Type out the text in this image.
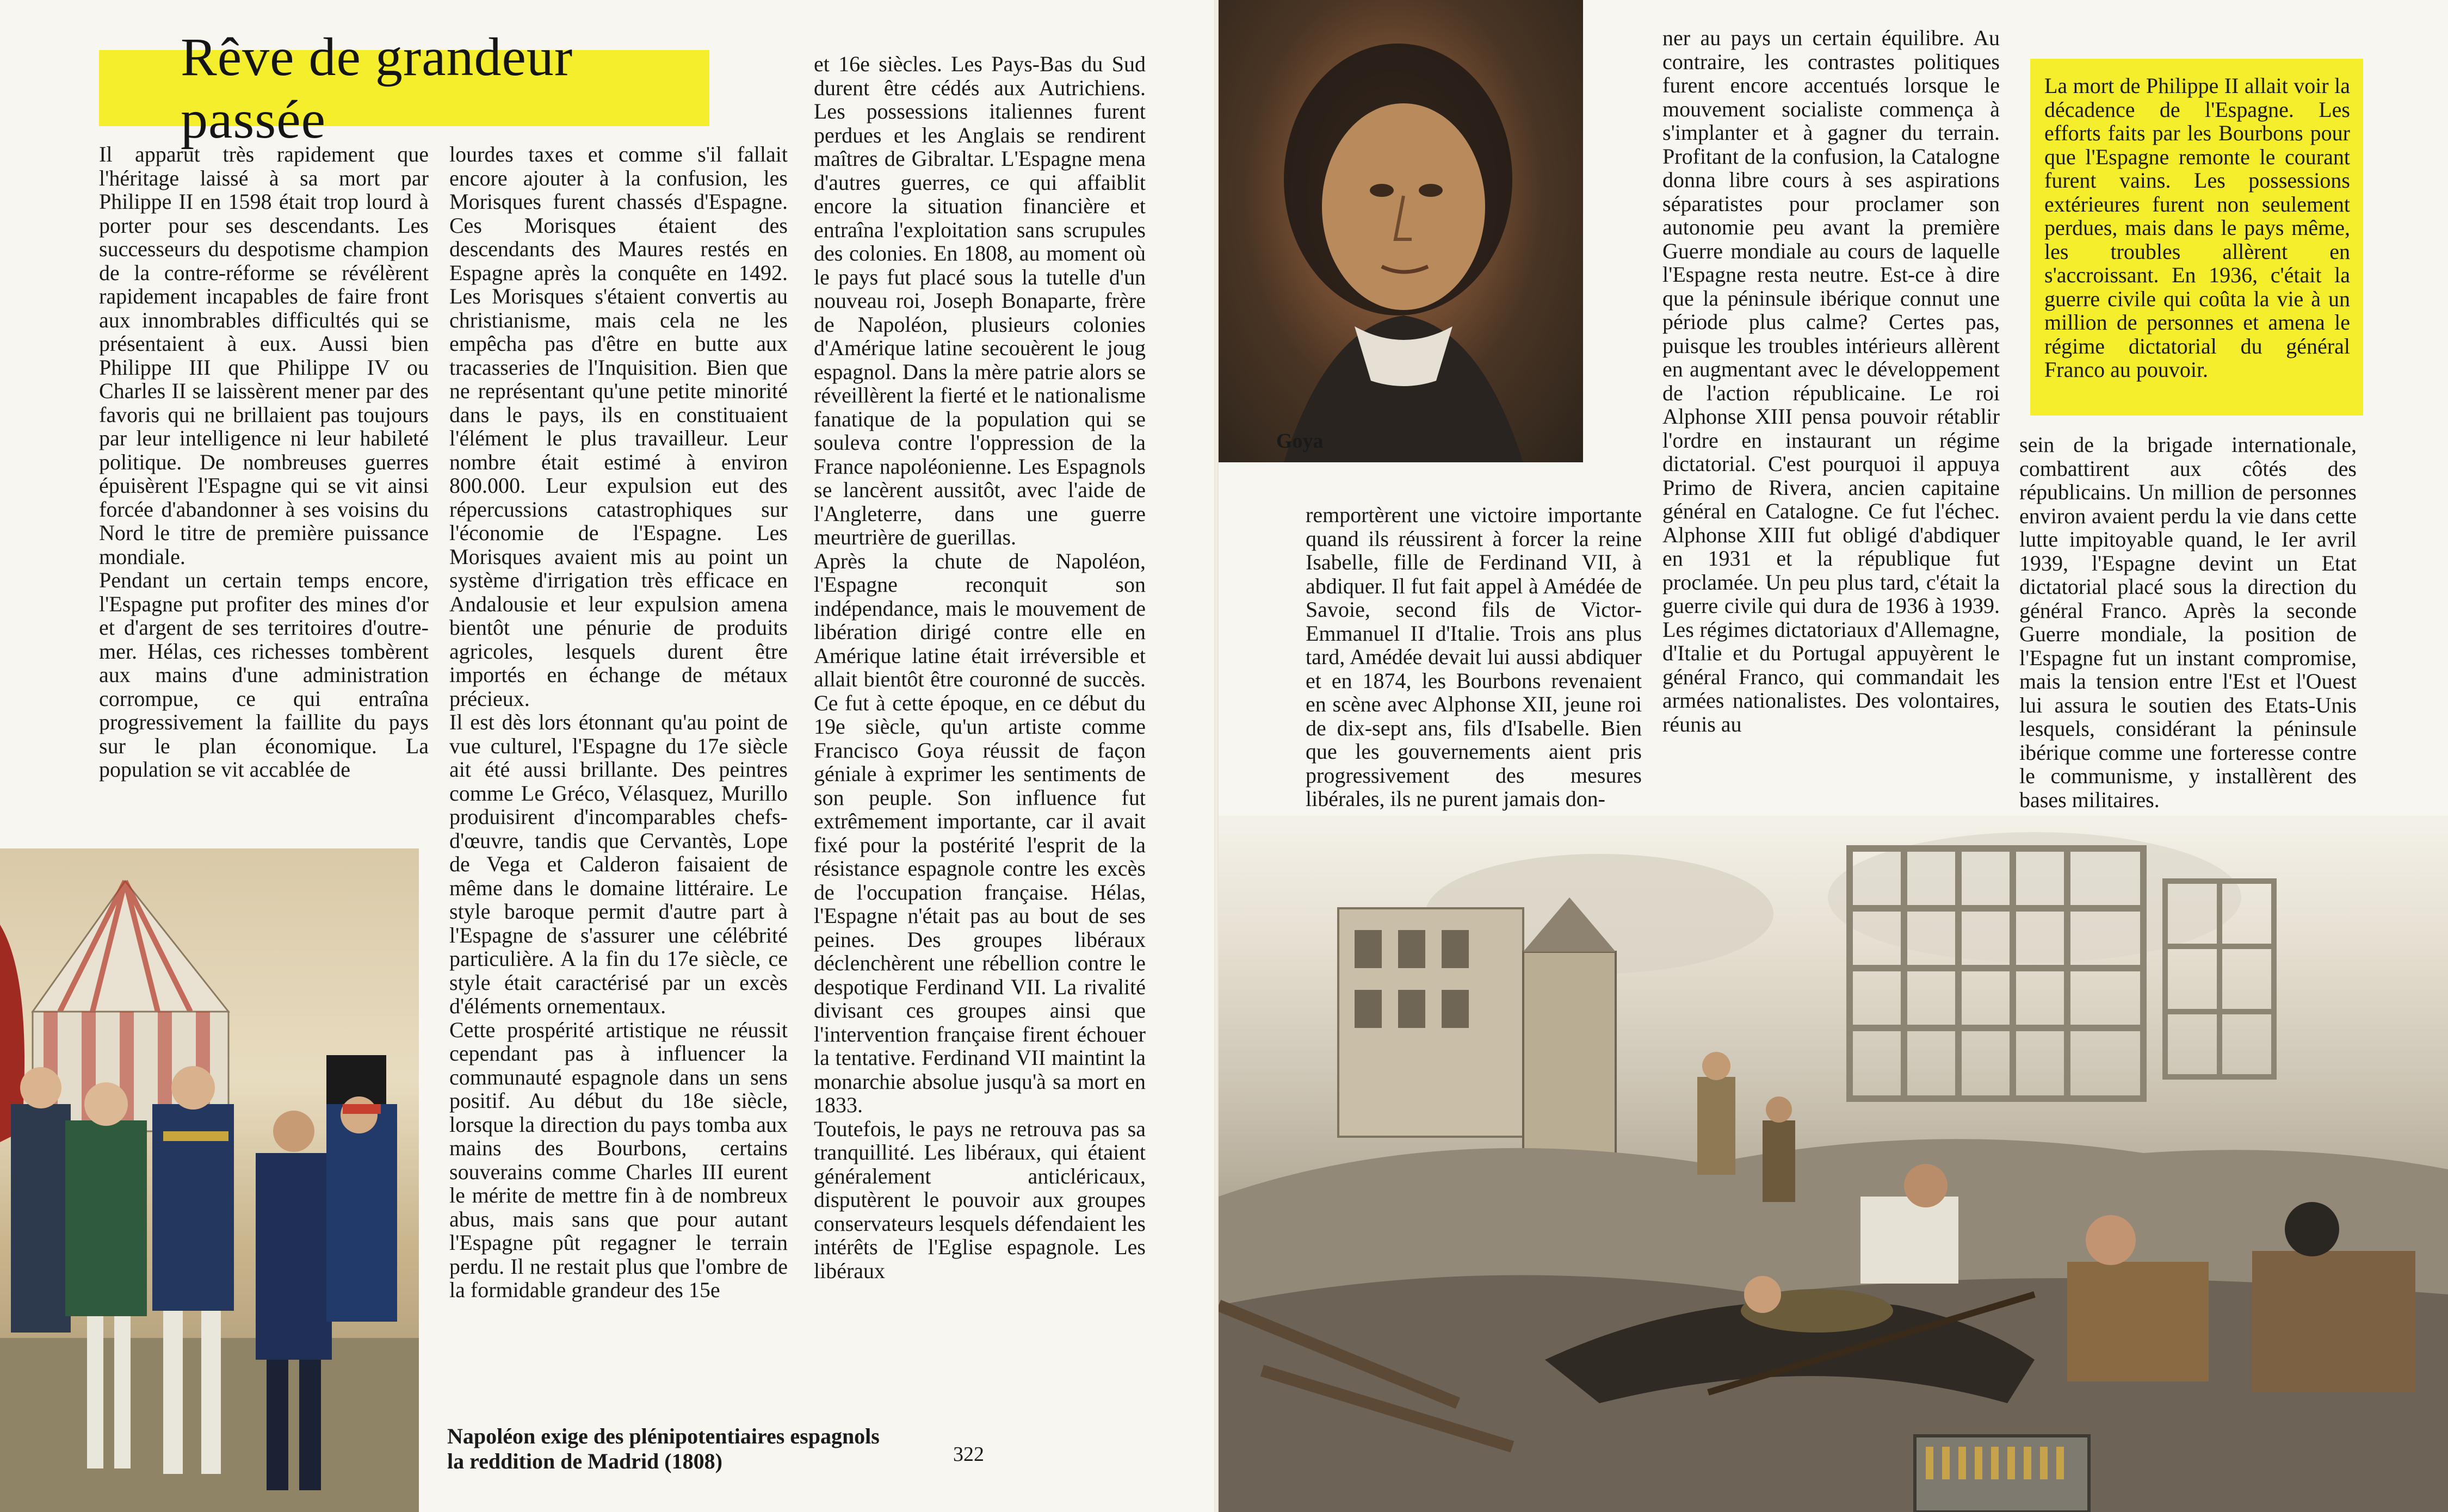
Rêve de grandeur passée

Il apparut très rapidement que l'héritage laissé à sa mort par Philippe II en 1598 était trop lourd à porter pour ses descendants. Les successeurs du despotisme champion de la contre-réforme se révélèrent rapidement incapables de faire front aux innombrables difficultés qui se présentaient à eux. Aussi bien Philippe III que Philippe IV ou Charles II se laissèrent mener par des favoris qui ne brillaient pas toujours par leur intelligence ni leur habileté politique. De nombreuses guerres épuisèrent l'Espagne qui se vit ainsi forcée d'abandonner à ses voisins du Nord le titre de première puissance mondiale.

Pendant un certain temps encore, l'Espagne put profiter des mines d'or et d'argent de ses territoires d'outre-mer. Hélas, ces richesses tombèrent aux mains d'une administration corrompue, ce qui entraîna progressivement la faillite du pays sur le plan économique. La population se vit accablée de

lourdes taxes et comme s'il fallait encore ajouter à la confusion, les Morisques furent chassés d'Espagne. Ces Morisques étaient des descendants des Maures restés en Espagne après la conquête en 1492. Les Morisques s'étaient convertis au christianisme, mais cela ne les empêcha pas d'être en butte aux tracasseries de l'Inquisition. Bien que ne représentant qu'une petite minorité dans le pays, ils en constituaient l'élément le plus travailleur. Leur nombre était estimé à environ 800.000. Leur expulsion eut des répercussions catastrophiques sur l'économie de l'Espagne. Les Morisques avaient mis au point un système d'irrigation très efficace en Andalousie et leur expulsion amena bientôt une pénurie de produits agricoles, lesquels durent être importés en échange de métaux précieux.

Il est dès lors étonnant qu'au point de vue culturel, l'Espagne du 17e siècle ait été aussi brillante. Des peintres comme Le Gréco, Vélasquez, Murillo produisirent d'incomparables chefs-d'œuvre, tandis que Cervantès, Lope de Vega et Calderon faisaient de même dans le domaine littéraire. Le style baroque permit d'autre part à l'Espagne de s'assurer une célébrité particulière. A la fin du 17e siècle, ce style était caractérisé par un excès d'éléments ornementaux.

Cette prospérité artistique ne réussit cependant pas à influencer la communauté espagnole dans un sens positif. Au début du 18e siècle, lorsque la direction du pays tomba aux mains des Bourbons, certains souverains comme Charles III eurent le mérite de mettre fin à de nombreux abus, mais sans que pour autant l'Espagne pût regagner le terrain perdu. Il ne restait plus que l'ombre de la formidable grandeur des 15e

et 16e siècles. Les Pays-Bas du Sud durent être cédés aux Autrichiens. Les possessions italiennes furent perdues et les Anglais se rendirent maîtres de Gibraltar. L'Espagne mena d'autres guerres, ce qui affaiblit encore la situation financière et entraîna l'exploitation sans scrupules des colonies. En 1808, au moment où le pays fut placé sous la tutelle d'un nouveau roi, Joseph Bonaparte, frère de Napoléon, plusieurs colonies d'Amérique latine secouèrent le joug espagnol. Dans la mère patrie alors se réveillèrent la fierté et le nationalisme fanatique de la population qui se souleva contre l'oppression de la France napoléonienne. Les Espagnols se lancèrent aussitôt, avec l'aide de l'Angleterre, dans une guerre meurtrière de guerillas.

Après la chute de Napoléon, l'Espagne reconquit son indépendance, mais le mouvement de libération dirigé contre elle en Amérique latine était irréversible et allait bientôt être couronné de succès. Ce fut à cette époque, en ce début du 19e siècle, qu'un artiste comme Francisco Goya réussit de façon géniale à exprimer les sentiments de son peuple. Son influence fut extrêmement importante, car il avait fixé pour la postérité l'esprit de la résistance espagnole contre les excès de l'occupation française. Hélas, l'Espagne n'était pas au bout de ses peines. Des groupes libéraux déclenchèrent une rébellion contre le despotique Ferdinand VII. La rivalité divisant ces groupes ainsi que l'intervention française firent échouer la tentative. Ferdinand VII maintint la monarchie absolue jusqu'à sa mort en 1833.

Toutefois, le pays ne retrouva pas sa tranquillité. Les libéraux, qui étaient généralement anticléricaux, disputèrent le pouvoir aux groupes conservateurs lesquels défendaient les intérêts de l'Eglise espagnole. Les libéraux

Napoléon exige des plénipotentiaires espagnols la reddition de Madrid (1808)	322
Goya

remportèrent une victoire importante quand ils réussirent à forcer la reine Isabelle, fille de Ferdinand VII, à abdiquer. Il fut fait appel à Amédée de Savoie, second fils de Victor-Emmanuel II d'Italie. Trois ans plus tard, Amédée devait lui aussi abdiquer et en 1874, les Bourbons revenaient en scène avec Alphonse XII, jeune roi de dix-sept ans, fils d'Isabelle. Bien que les gouvernements aient pris progressivement des mesures libérales, ils ne purent jamais don-

ner au pays un certain équilibre. Au contraire, les contrastes politiques furent encore accentués lorsque le mouvement socialiste commença à s'implanter et à gagner du terrain. Profitant de la confusion, la Catalogne donna libre cours à ses aspirations séparatistes pour proclamer son autonomie peu avant la première Guerre mondiale au cours de laquelle l'Espagne resta neutre. Est-ce à dire que la péninsule ibérique connut une période plus calme? Certes pas, puisque les troubles intérieurs allèrent en augmentant avec le développement de l'action républicaine. Le roi Alphonse XIII pensa pouvoir rétablir l'ordre en instaurant un régime dictatorial. C'est pourquoi il appuya Primo de Rivera, ancien capitaine général en Catalogne. Ce fut l'échec. Alphonse XIII fut obligé d'abdiquer en 1931 et la république fut proclamée. Un peu plus tard, c'était la guerre civile qui dura de 1936 à 1939. Les régimes dictatoriaux d'Allemagne, d'Italie et du Portugal appuyèrent le général Franco, qui commandait les armées nationalistes. Des volontaires, réunis au

La mort de Philippe II allait voir la décadence de l'Espagne. Les efforts faits par les Bourbons pour que l'Espagne remonte le courant furent vains. Les possessions extérieures furent non seulement perdues, mais dans le pays même, les troubles allèrent en s'accroissant. En 1936, c'était la guerre civile qui coûta la vie à un million de personnes et amena le régime dictatorial du général Franco au pouvoir.

sein de la brigade internationale, combattirent aux côtés des républicains. Un million de personnes environ avaient perdu la vie dans cette lutte impitoyable quand, le Ier avril 1939, l'Espagne devint un Etat dictatorial placé sous la direction du général Franco. Après la seconde Guerre mondiale, la position de l'Espagne fut un instant compromise, mais la tension entre l'Est et l'Ouest lui assura le soutien des Etats-Unis lesquels, considérant la péninsule ibérique comme une forteresse contre le communisme, y installèrent des bases militaires.
